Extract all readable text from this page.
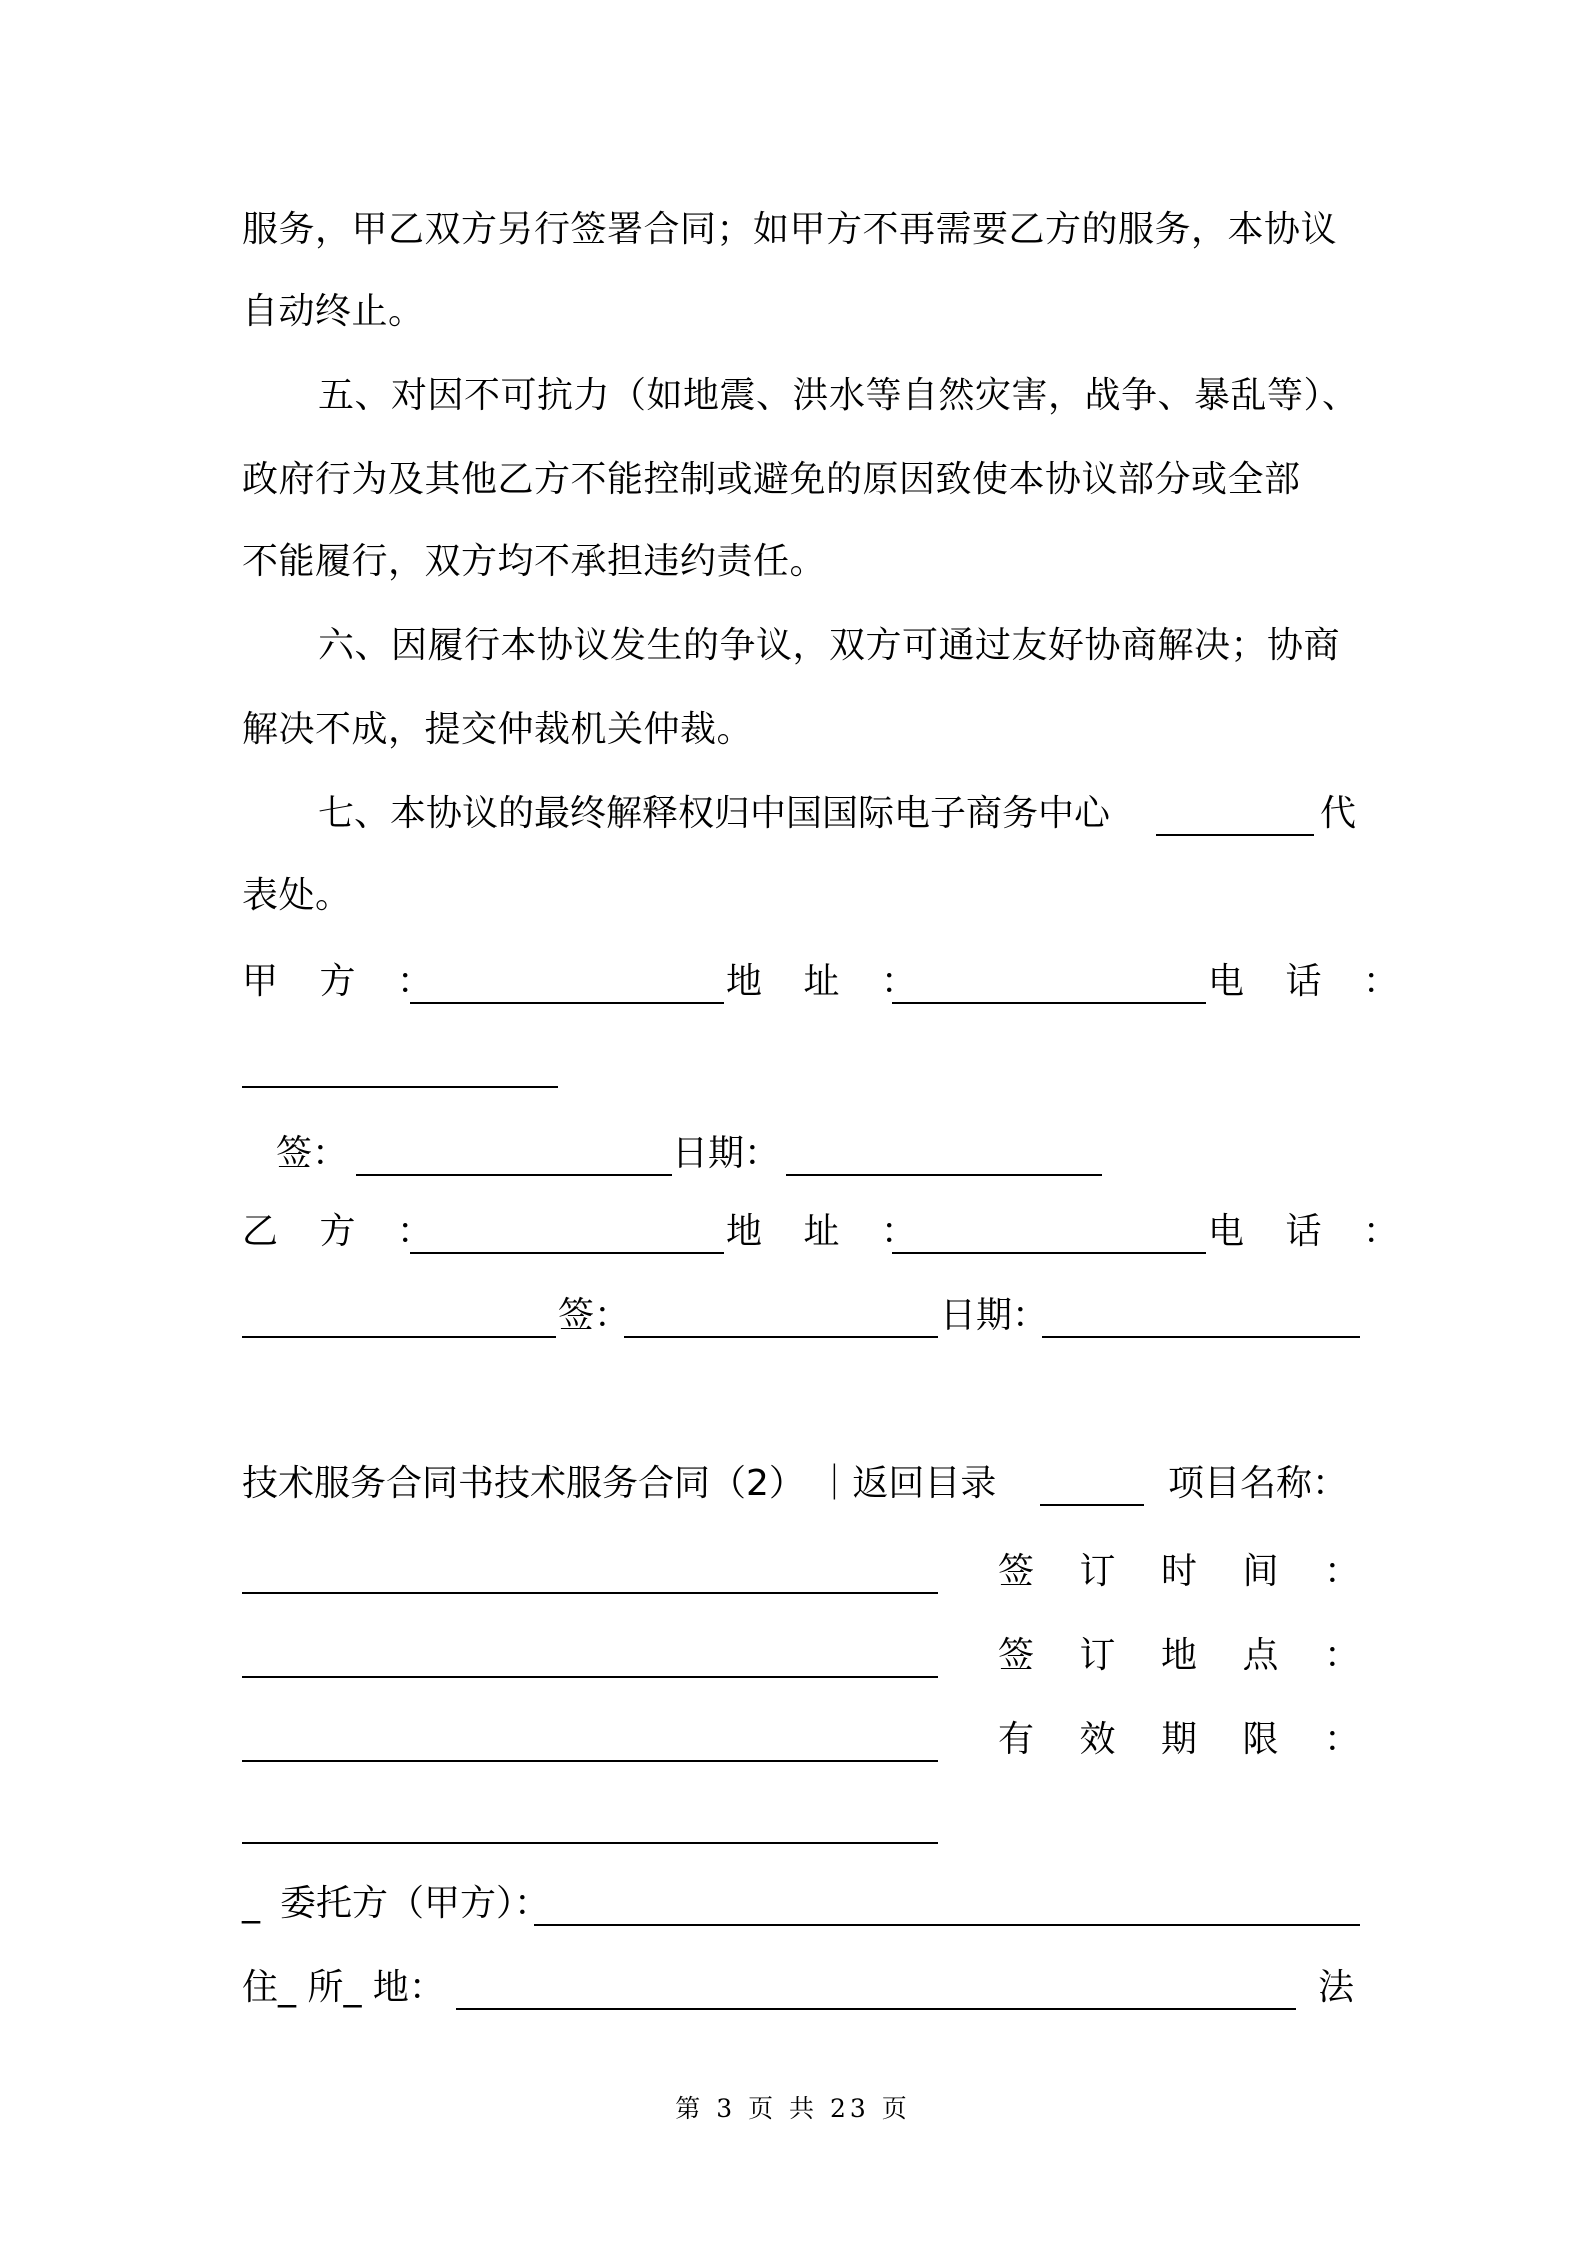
服务，甲乙双方另行签署合同；如甲方不再需要乙方的服务，本协议
自动终止。
五、对因不可抗力（如地震、洪水等自然灾害，战争、暴乱等）、
政府行为及其他乙方不能控制或避免的原因致使本协议部分或全部
不能履行，双方均不承担违约责任。
六、因履行本协议发生的争议，双方可通过友好协商解决；协商
解决不成，提交仲裁机关仲裁。
七、本协议的最终解释权归中国国际电子商务中心	代
表处。
甲 方 ：	地 址 ：	电 话 ：
签：	日期：
乙 方 ：	地 址 ：	电 话 ：
签：	日期：
技术服务合同书技术服务合同（2） ｜返回目录	项目名称：
签 订 时 间 ：
签 订 地 点 ：
有 效 期 限 ：
_ 委托方（甲方）：
住_ 所_ 地：	法
第 3 页 共 23 页
